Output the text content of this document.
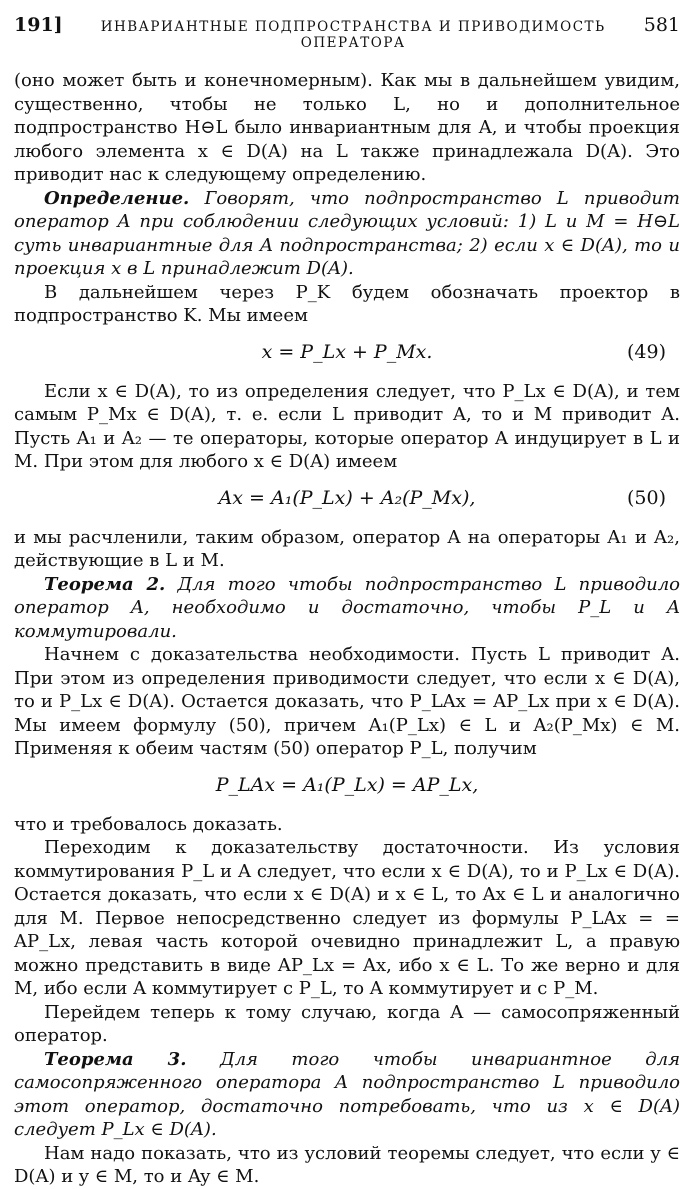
191]	ИНВАРИАНТНЫЕ ПОДПРОСТРАНСТВА И ПРИВОДИМОСТЬ ОПЕРАТОРА
581

(оно может быть и конечномерным). Как мы в дальнейшем увидим, существенно, чтобы не только L, но и дополнительное подпространство H⊖L было инвариантным для A, и чтобы проекция любого элемента x ∈ D(A) на L также принадлежала D(A). Это приводит нас к следующему определению.

Определение. Говорят, что подпространство L приводит оператор A при соблюдении следующих условий: 1) L и M = H⊖L суть инвариантные для A подпространства; 2) если x ∈ D(A), то и проекция x в L принадлежит D(A).

В дальнейшем через P_K будем обозначать проектор в подпространство K. Мы имеем

x = P_Lx + P_Mx.	(49)

Если x ∈ D(A), то из определения следует, что P_Lx ∈ D(A), и тем самым P_Mx ∈ D(A), т. е. если L приводит A, то и M приводит A. Пусть A₁ и A₂ — те операторы, которые оператор A индуцирует в L и M. При этом для любого x ∈ D(A) имеем

Ax = A₁(P_Lx) + A₂(P_Mx),	(50)

и мы расчленили, таким образом, оператор A на операторы A₁ и A₂, действующие в L и M.

Теорема 2. Для того чтобы подпространство L приводило оператор A, необходимо и достаточно, чтобы P_L и A коммутировали.

Начнем с доказательства необходимости. Пусть L приводит A. При этом из определения приводимости следует, что если x ∈ D(A), то и P_Lx ∈ D(A). Остается доказать, что P_LAx = AP_Lx при x ∈ D(A). Мы имеем формулу (50), причем A₁(P_Lx) ∈ L и A₂(P_Mx) ∈ M. Применяя к обеим частям (50) оператор P_L, получим

P_LAx = A₁(P_Lx) = AP_Lx,

что и требовалось доказать.

Переходим к доказательству достаточности. Из условия коммутирования P_L и A следует, что если x ∈ D(A), то и P_Lx ∈ D(A). Остается доказать, что если x ∈ D(A) и x ∈ L, то Ax ∈ L и аналогично для M. Первое непосредственно следует из формулы P_LAx = = AP_Lx, левая часть которой очевидно принадлежит L, а правую можно представить в виде AP_Lx = Ax, ибо x ∈ L. То же верно и для M, ибо если A коммутирует с P_L, то A коммутирует и с P_M.

Перейдем теперь к тому случаю, когда A — самосопряженный оператор.

Теорема 3. Для того чтобы инвариантное для самосопряженного оператора A подпространство L приводило этот оператор, достаточно потребовать, что из x ∈ D(A) следует P_Lx ∈ D(A).

Нам надо показать, что из условий теоремы следует, что если y ∈ D(A) и y ∈ M, то и Ay ∈ M.
